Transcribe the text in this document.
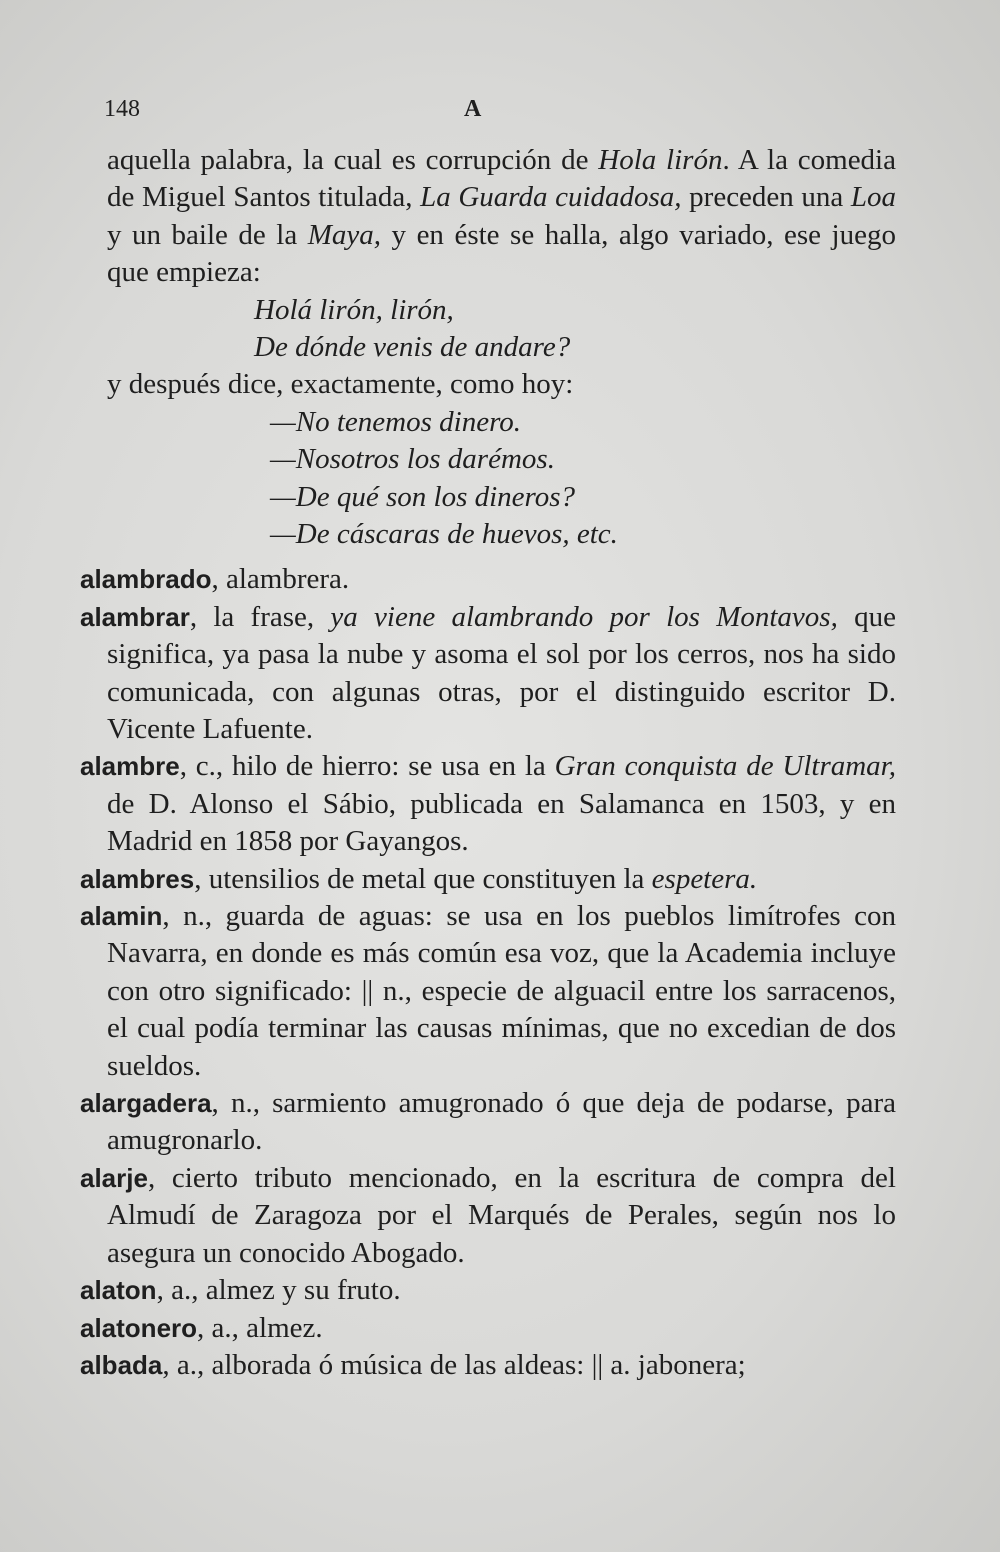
148	A

aquella palabra, la cual es corrupción de Hola lirón. A la comedia de Miguel Santos titulada, La Guarda cuidadosa, preceden una Loa y un baile de la Maya, y en éste se halla, algo variado, ese juego que empieza:

Holá lirón, lirón,
De dónde venis de andare?

y después dice, exactamente, como hoy:

—No tenemos dinero.
—Nosotros los darémos.
—De qué son los dineros?
—De cáscaras de huevos, etc.

alambrado, alambrera.

alambrar, la frase, ya viene alambrando por los Montavos, que significa, ya pasa la nube y asoma el sol por los cerros, nos ha sido comunicada, con algunas otras, por el distinguido escritor D. Vicente Lafuente.

alambre, c., hilo de hierro: se usa en la Gran conquista de Ultramar, de D. Alonso el Sábio, publicada en Salamanca en 1503, y en Madrid en 1858 por Gayangos.

alambres, utensilios de metal que constituyen la espetera.

alamin, n., guarda de aguas: se usa en los pueblos limítrofes con Navarra, en donde es más común esa voz, que la Academia incluye con otro significado: || n., especie de alguacil entre los sarracenos, el cual podía terminar las causas mínimas, que no excedian de dos sueldos.

alargadera, n., sarmiento amugronado ó que deja de podarse, para amugronarlo.

alarje, cierto tributo mencionado, en la escritura de compra del Almudí de Zaragoza por el Marqués de Perales, según nos lo asegura un conocido Abogado.

alaton, a., almez y su fruto.

alatonero, a., almez.

albada, a., alborada ó música de las aldeas: || a. jabonera;
